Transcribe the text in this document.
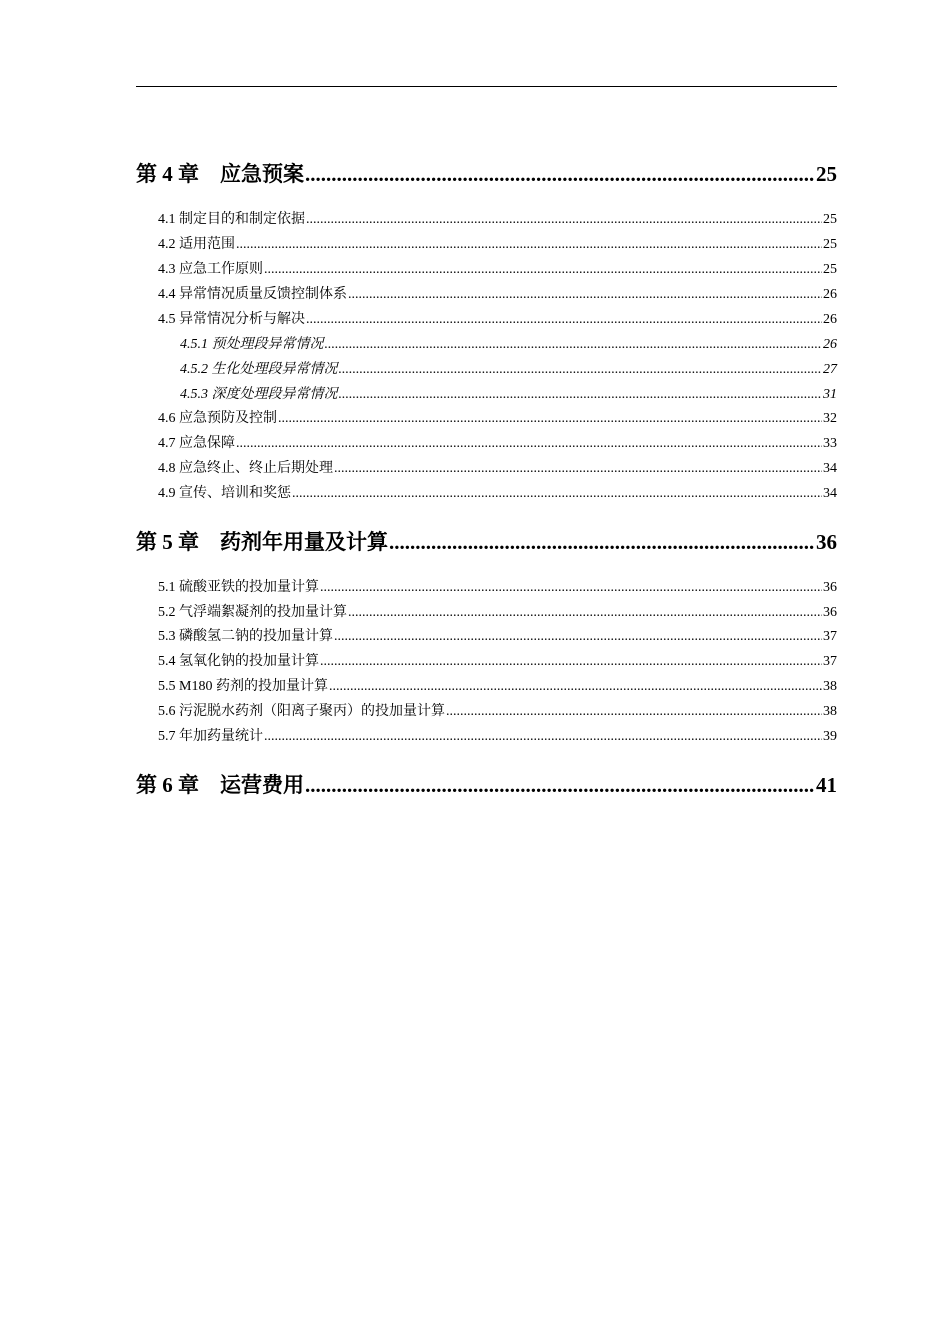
第 4 章　应急预案 .....	25
4.1 制定目的和制定依据 .....	25
4.2 适用范围 .....	25
4.3 应急工作原则 .....	25
4.4 异常情况质量反馈控制体系 .....	26
4.5 异常情况分析与解决 .....	26
4.5.1 预处理段异常情况 .....	26
4.5.2 生化处理段异常情况 .....	27
4.5.3 深度处理段异常情况 .....	31
4.6 应急预防及控制 .....	32
4.7 应急保障 .....	33
4.8 应急终止、终止后期处理 .....	34
4.9 宣传、培训和奖惩 .....	34
第 5 章　药剂年用量及计算 .....	36
5.1 硫酸亚铁的投加量计算 .....	36
5.2 气浮端絮凝剂的投加量计算 .....	36
5.3 磷酸氢二钠的投加量计算 .....	37
5.4 氢氧化钠的投加量计算 .....	37
5.5 M180 药剂的投加量计算 .....	38
5.6 污泥脱水药剂（阳离子聚丙）的投加量计算 .....	38
5.7 年加药量统计 .....	39
第 6 章　运营费用 .....	41
